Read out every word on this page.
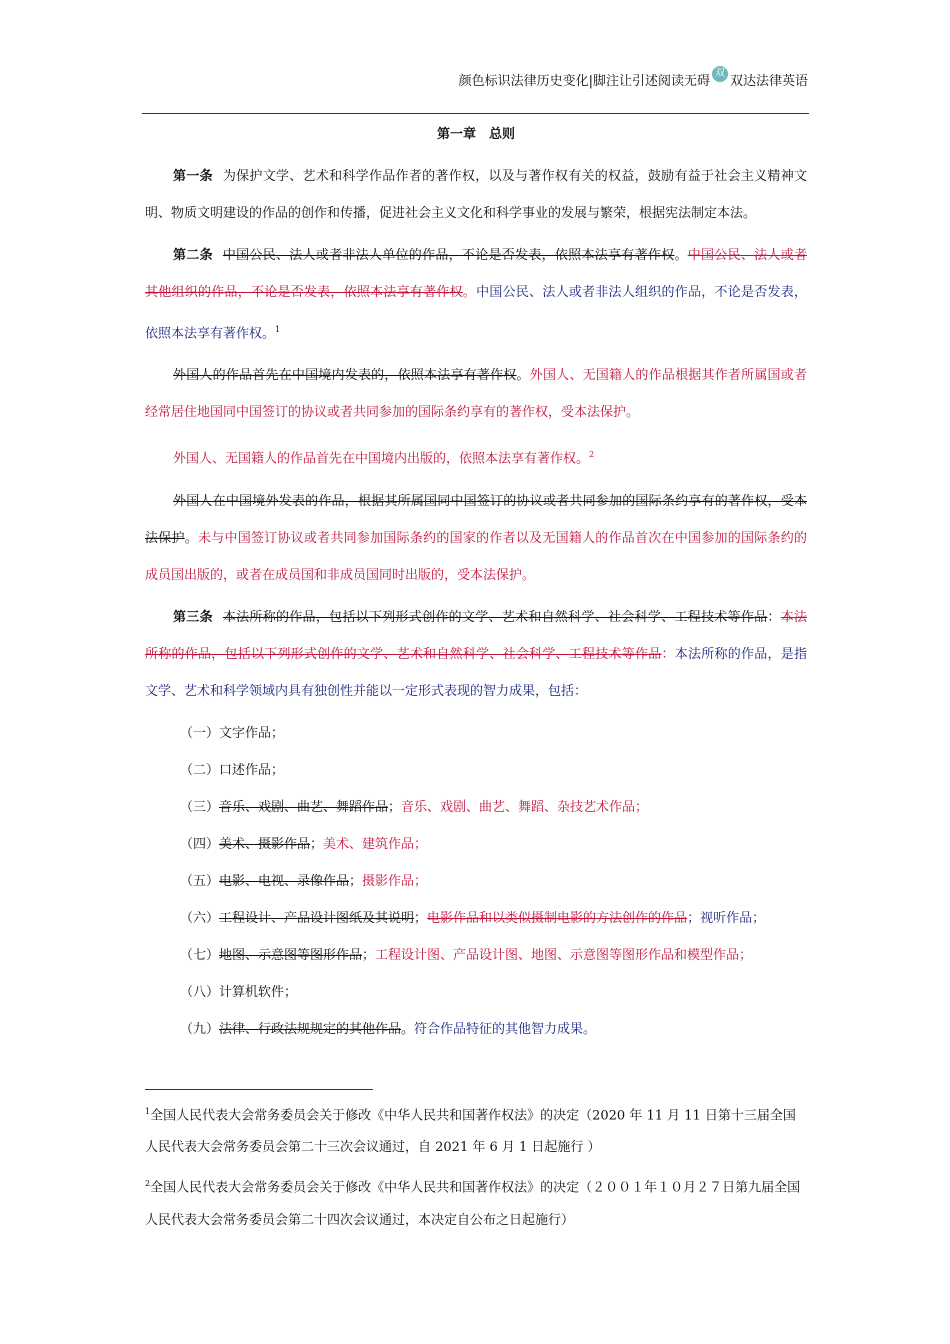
颜色标识法律历史变化|脚注让引述阅读无碍
双
双达法律英语
第一章　总则

第一条 为保护文学、艺术和科学作品作者的著作权，以及与著作权有关的权益，鼓励有益于社会主义精神文明、物质文明建设的作品的创作和传播，促进社会主义文化和科学事业的发展与繁荣，根据宪法制定本法。

第二条 中国公民、法人或者非法人单位的作品，不论是否发表，依照本法享有著作权。中国公民、法人或者其他组织的作品，不论是否发表，依照本法享有著作权。中国公民、法人或者非法人组织的作品，不论是否发表，依照本法享有著作权。$^1$

外国人的作品首先在中国境内发表的，依照本法享有著作权。外国人、无国籍人的作品根据其作者所属国或者经常居住地国同中国签订的协议或者共同参加的国际条约享有的著作权，受本法保护。

外国人、无国籍人的作品首先在中国境内出版的，依照本法享有著作权。$^2$

外国人在中国境外发表的作品，根据其所属国同中国签订的协议或者共同参加的国际条约享有的著作权，受本法保护。未与中国签订协议或者共同参加国际条约的国家的作者以及无国籍人的作品首次在中国参加的国际条约的成员国出版的，或者在成员国和非成员国同时出版的，受本法保护。

第三条 本法所称的作品，包括以下列形式创作的文学、艺术和自然科学、社会科学、工程技术等作品：本法所称的作品，包括以下列形式创作的文学、艺术和自然科学、社会科学、工程技术等作品：本法所称的作品，是指文学、艺术和科学领域内具有独创性并能以一定形式表现的智力成果，包括：

（一）文字作品；

（二）口述作品；

（三）音乐、戏剧、曲艺、舞蹈作品；音乐、戏剧、曲艺、舞蹈、杂技艺术作品；

（四）美术、摄影作品；美术、建筑作品；

（五）电影、电视、录像作品；摄影作品；

（六）工程设计、产品设计图纸及其说明；电影作品和以类似摄制电影的方法创作的作品；视听作品；

（七）地图、示意图等图形作品；工程设计图、产品设计图、地图、示意图等图形作品和模型作品；

（八）计算机软件；

（九）法律、行政法规规定的其他作品。符合作品特征的其他智力成果。

$^1$全国人民代表大会常务委员会关于修改《中华人民共和国著作权法》的决定（2020 年 11 月 11 日第十三届全国人民代表大会常务委员会第二十三次会议通过，自 2021 年 6 月 1 日起施行 ）

$^2$全国人民代表大会常务委员会关于修改《中华人民共和国著作权法》的决定（２００１年１０月２７日第九届全国人民代表大会常务委员会第二十四次会议通过，本决定自公布之日起施行）
